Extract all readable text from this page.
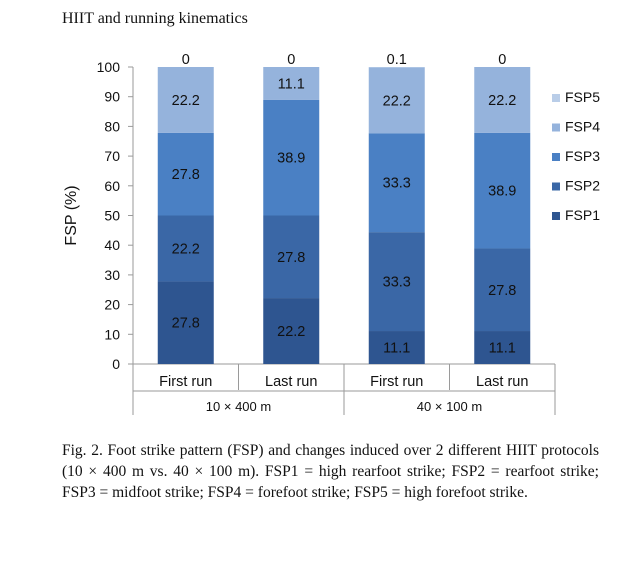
HIIT and running kinematics
0
10
20
30
40
50
60
70
80
90
100
FSP (%)
27.8
22.2
27.8
22.2
0
First run
22.2
27.8
38.9
11.1
0
Last run
11.1
33.3
33.3
22.2
0.1
First run
11.1
27.8
38.9
22.2
0
Last run
10 × 400 m	40 × 100 m
FSP5
FSP4
FSP3
FSP2
FSP1
Fig. 2. Foot strike pattern (FSP) and changes induced over 2 different HIIT protocols (10 × 400 m vs. 40 × 100 m). FSP1 = high rearfoot strike; FSP2 = rearfoot strike; FSP3 = midfoot strike; FSP4 = forefoot strike; FSP5 = high forefoot strike.
